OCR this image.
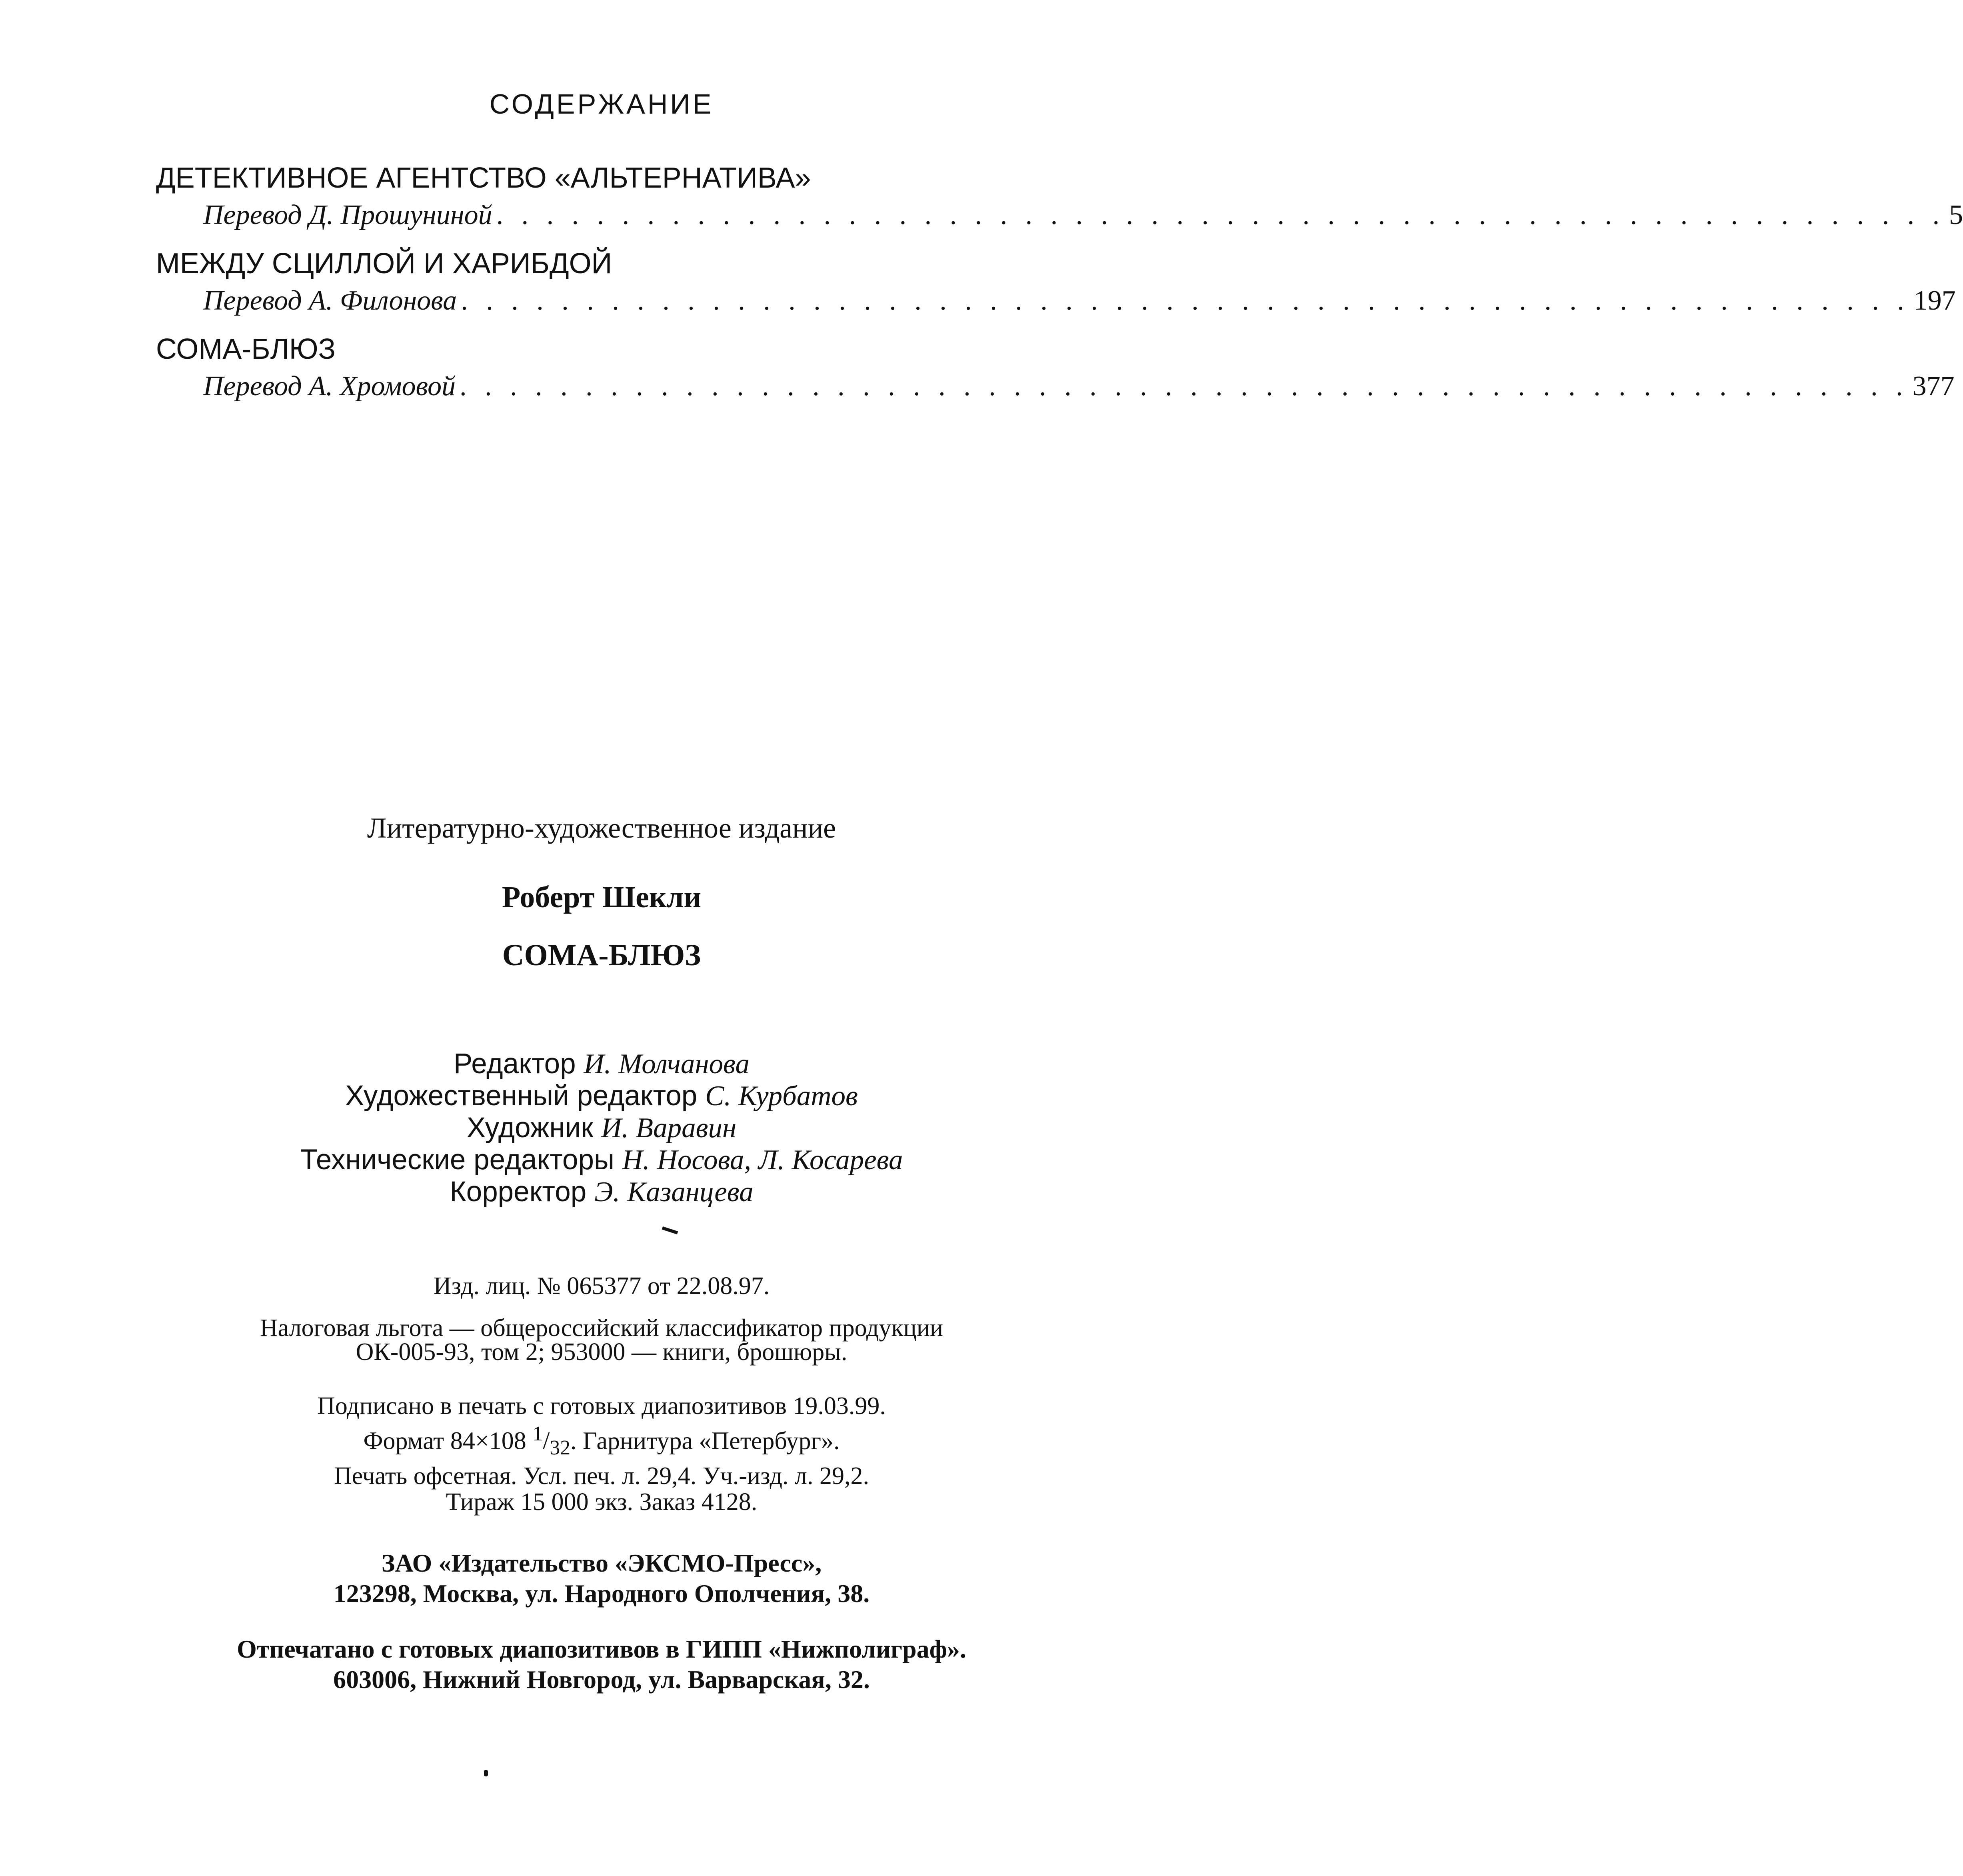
СОДЕРЖАНИЕ
ДЕТЕКТИВНОЕ АГЕНТСТВО «АЛЬТЕРНАТИВА»
Перевод Д. Прошуниной . . . . . . . . . . . . . . . . . . . . . . . . . . . . . . . . . . . . . . . . . . . . . . . . . . . . . . . . . . 5
МЕЖДУ СЦИЛЛОЙ И ХАРИБДОЙ
Перевод А. Филонова . . . . . . . . . . . . . . . . . . . . . . . . . . . . . . . . . . . . . . . . . . . . . . . . . . . . . . . . . . 197
СОМА-БЛЮЗ
Перевод А. Хромовой . . . . . . . . . . . . . . . . . . . . . . . . . . . . . . . . . . . . . . . . . . . . . . . . . . . . . . . . . . 377
Литературно-художественное издание
Роберт Шекли
СОМА-БЛЮЗ
Редактор И. Молчанова
Художественный редактор С. Курбатов
Художник И. Варавин
Технические редакторы Н. Носова, Л. Косарева
Корректор Э. Казанцева
Изд. лиц. № 065377 от 22.08.97.
Налоговая льгота — общероссийский классификатор продукции
ОК-005-93, том 2; 953000 — книги, брошюры.
Подписано в печать с готовых диапозитивов 19.03.99.
Формат 84×108 $^1/_{32}$. Гарнитура «Петербург».
Печать офсетная. Усл. печ. л. 29,4. Уч.-изд. л. 29,2.
Тираж 15 000 экз. Заказ 4128.
ЗАО «Издательство «ЭКСМО-Пресс»,
123298, Москва, ул. Народного Ополчения, 38.
Отпечатано с готовых диапозитивов в ГИПП «Нижполиграф».
603006, Нижний Новгород, ул. Варварская, 32.
